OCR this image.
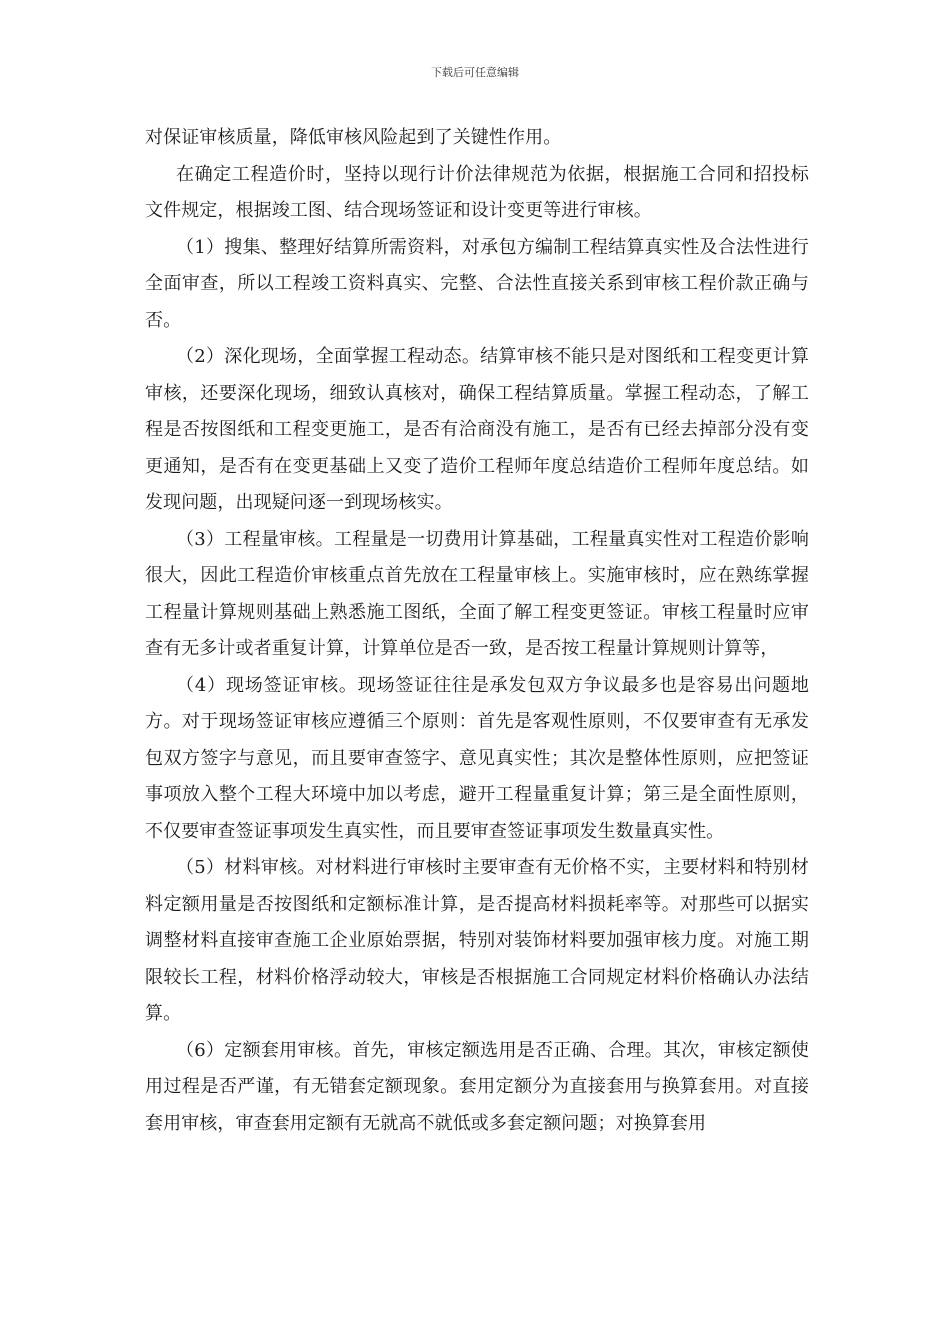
下载后可任意编辑

对保证审核质量，降低审核风险起到了关键性作用。

在确定工程造价时，坚持以现行计价法律规范为依据，根据施工合同和招投标文件规定，根据竣工图、结合现场签证和设计变更等进行审核。

（1）搜集、整理好结算所需资料，对承包方编制工程结算真实性及合法性进行全面审查，所以工程竣工资料真实、完整、合法性直接关系到审核工程价款正确与否。

（2）深化现场，全面掌握工程动态。结算审核不能只是对图纸和工程变更计算审核，还要深化现场，细致认真核对，确保工程结算质量。掌握工程动态，了解工程是否按图纸和工程变更施工，是否有洽商没有施工，是否有已经去掉部分没有变更通知，是否有在变更基础上又变了造价工程师年度总结造价工程师年度总结。如发现问题，出现疑问逐一到现场核实。

（3）工程量审核。工程量是一切费用计算基础，工程量真实性对工程造价影响很大，因此工程造价审核重点首先放在工程量审核上。实施审核时，应在熟练掌握工程量计算规则基础上熟悉施工图纸，全面了解工程变更签证。审核工程量时应审查有无多计或者重复计算，计算单位是否一致，是否按工程量计算规则计算等，

（4）现场签证审核。现场签证往往是承发包双方争议最多也是容易出问题地方。对于现场签证审核应遵循三个原则：首先是客观性原则，不仅要审查有无承发包双方签字与意见，而且要审查签字、意见真实性；其次是整体性原则，应把签证事项放入整个工程大环境中加以考虑，避开工程量重复计算；第三是全面性原则，不仅要审查签证事项发生真实性，而且要审查签证事项发生数量真实性。

（5）材料审核。对材料进行审核时主要审查有无价格不实，主要材料和特别材料定额用量是否按图纸和定额标准计算，是否提高材料损耗率等。对那些可以据实调整材料直接审查施工企业原始票据，特别对装饰材料要加强审核力度。对施工期限较长工程，材料价格浮动较大，审核是否根据施工合同规定材料价格确认办法结算。

（6）定额套用审核。首先，审核定额选用是否正确、合理。其次，审核定额使用过程是否严谨，有无错套定额现象。套用定额分为直接套用与换算套用。对直接套用审核，审查套用定额有无就高不就低或多套定额问题；对换算套用
